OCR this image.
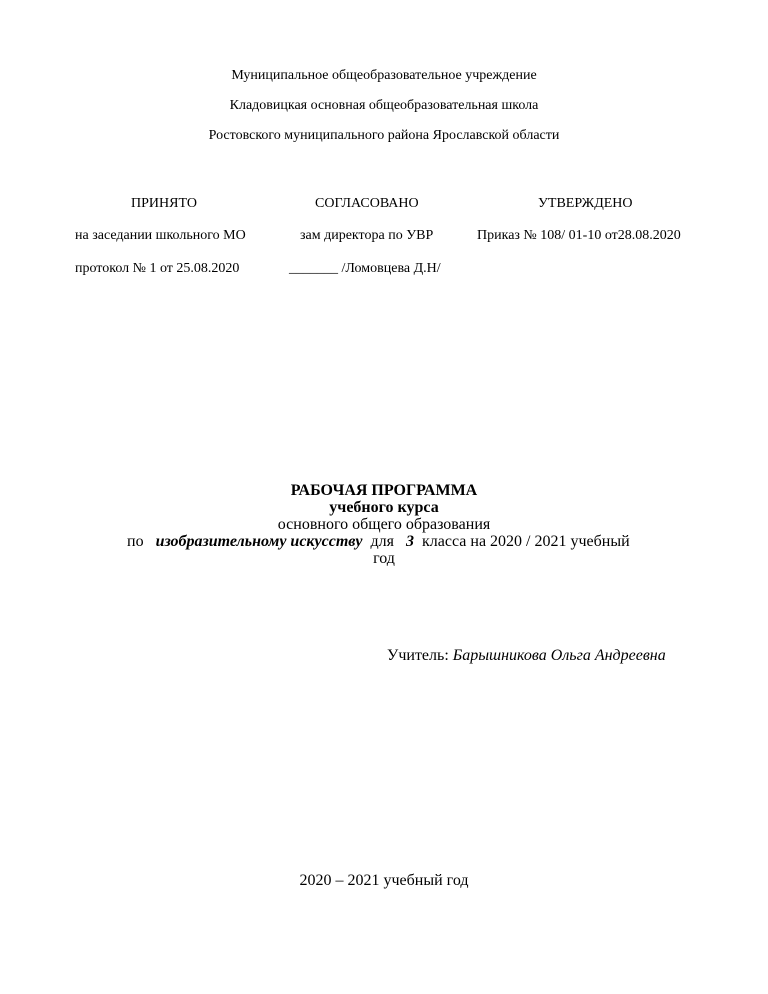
Муниципальное общеобразовательное учреждение
Кладовицкая основная общеобразовательная школа
Ростовского муниципального района Ярославской области
ПРИНЯТО
на заседании школьного МО
протокол № 1 от 25.08.2020
СОГЛАСОВАНО
зам директора по УВР
_______ /Ломовцева Д.Н/
УТВЕРЖДЕНО
Приказ № 108/ 01-10 от28.08.2020
РАБОЧАЯ ПРОГРАММА
учебного курса
основного общего образования
по изобразительному искусству для 3 класса на 2020 / 2021 учебный
год
Учитель: Барышникова Ольга Андреевна
2020 – 2021 учебный год
